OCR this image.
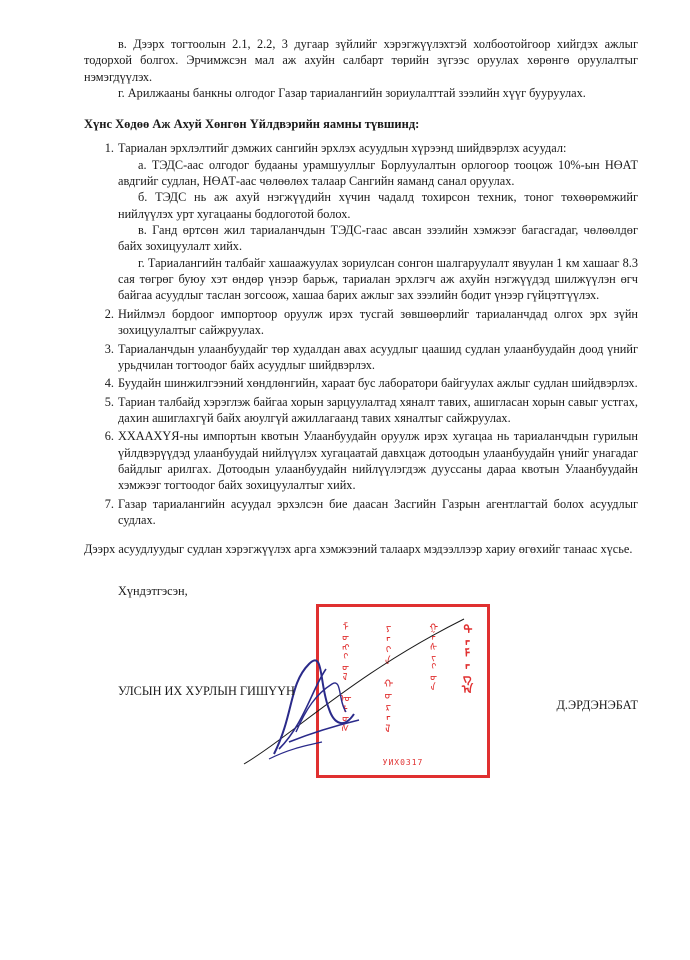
в. Дээрх тогтоолын 2.1, 2.2, 3 дугаар зүйлийг хэрэгжүүлэхтэй холбоотойгоор хийгдэх ажлыг тодорхой болгох. Эрчимжсэн мал аж ахуйн салбарт төрийн зүгээс оруулах хөрөнгө оруулалтыг нэмэгдүүлэх.

г. Арилжааны банкны олгодог Газар тариалангийн зориулалттай зээлийн хүүг бууруулах.

Хүнс Хөдөө Аж Ахуй Хөнгөн Үйлдвэрийн яамны түвшинд:
Тариалан эрхлэлтийг дэмжих сангийн эрхлэх асуудлын хүрээнд шийдвэрлэх асуудал:
а. ТЭДС-аас олгодог будааны урамшууллыг Борлуулалтын орлогоор тооцож 10%-ын НӨАТ авдгийг судлан, НӨАТ-аас чөлөөлөх талаар Сангийн яаманд санал оруулах.
б. ТЭДС нь аж ахуй нэгжүүдийн хүчин чадалд тохирсон техник, тоног төхөөрөмжийг нийлүүлэх урт хугацааны бодлоготой болох.
в. Ганд өртсөн жил тариаланчдын ТЭДС-гаас авсан зээлийн хэмжээг багасгадаг, чөлөөлдөг байх зохицуулалт хийх.
г. Тариалангийн талбайг хашаажуулах зориулсан сонгон шалгаруулалт явуулан 1 км хашааг 8.3 сая төгрөг буюу хэт өндөр үнээр барьж, тариалан эрхлэгч аж ахуйн нэгжүүдэд шилжүүлэн өгч байгаа асуудлыг таслан зогсоож, хашаа барих ажлыг зах зээлийн бодит үнээр гүйцэтгүүлэх.
Нийлмэл бордоог импортоор оруулж ирэх тусгай зөвшөөрлийг тариаланчдад олгох эрх зүйн зохицуулалтыг сайжруулах.
Тариаланчдын улаанбуудайг төр худалдан авах асуудлыг цаашид судлан улаанбуудайн доод үнийг урьдчилан тогтоодог байх асуудлыг шийдвэрлэх.
Буудайн шинжилгээний хөндлөнгийн, хараат бус лаборатори байгуулах ажлыг судлан шийдвэрлэх.
Тариан талбайд хэрэглэж байгаа хорын зарцуулалтад хяналт тавих, ашигласан хорын савыг устгах, дахин ашиглахгүй байх аюулгүй ажиллагаанд тавих хяналтыг сайжруулах.
ХХААХҮЯ-ны импортын квотын Улаанбуудайн оруулж ирэх хугацаа нь тариаланчдын гурилын үйлдвэрүүдэд улаанбуудай нийлүүлэх хугацаатай давхцаж дотоодын улаанбуудайн үнийг унагадаг байдлыг арилгах. Дотоодын улаанбуудайн нийлүүлэгдэж дууссаны дараа квотын Улаанбуудайн хэмжээг тогтоодог байх зохицуулалтыг хийх.
Газар тариалангийн асуудал эрхэлсэн бие даасан Засгийн Газрын агентлагтай болох асуудлыг судлах.

Дээрх асуудлуудыг судлан хэрэгжүүлэх арга хэмжээний талаарх мэдээллээр хариу өгөхийг танаас хүсье.

Хүндэтгэсэн,
ᠮᠣᠩᠭᠣᠯ ᠤᠯᠤᠰ	ᠶᠡᠬᠡ ᠬᠤᠷᠠᠯ	ᠭᠡᠰᠢᠭᠦᠨ ᠲᠠᠮᠠᠭ᠎ᠠ
УИХ0317
УЛСЫН ИХ ХУРЛЫН ГИШҮҮН
Д.ЭРДЭНЭБАТ
